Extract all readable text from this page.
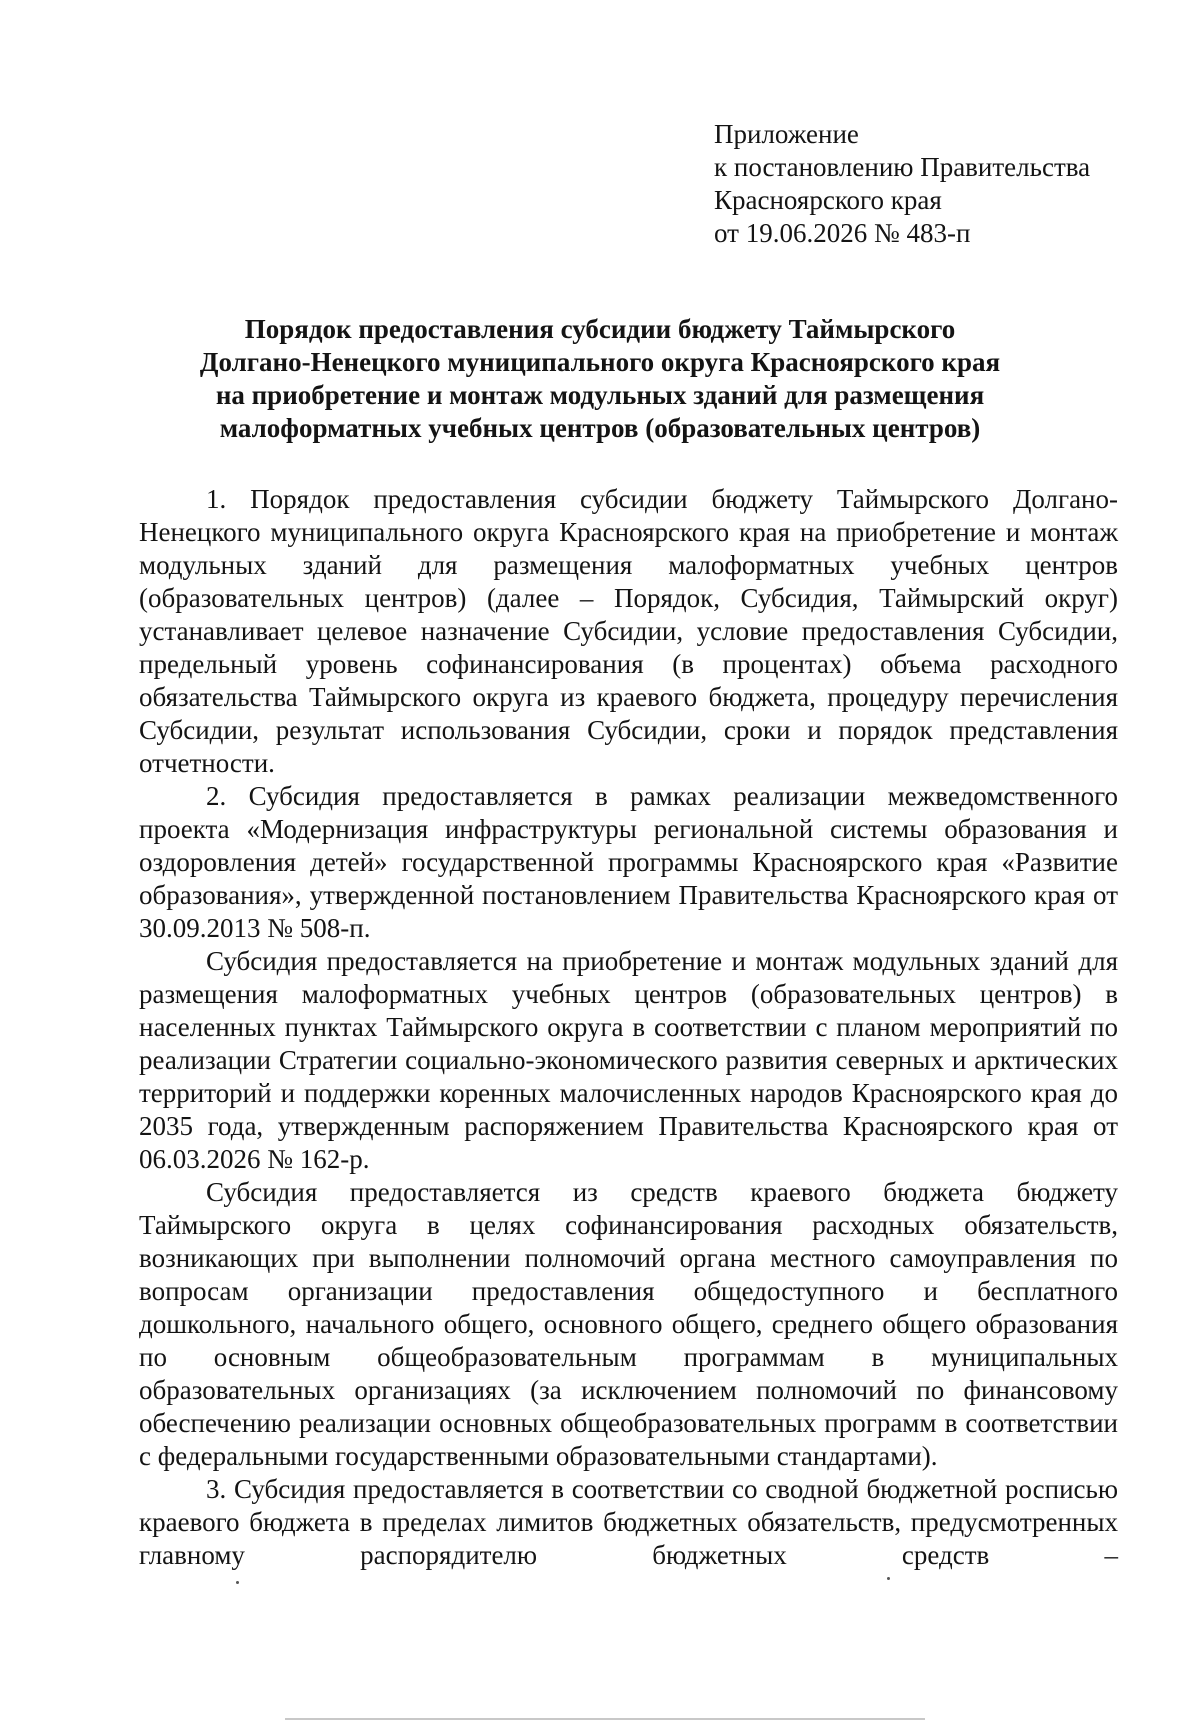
Приложение
к постановлению Правительства
Красноярского края
от 19.06.2026 № 483-п
Порядок предоставления субсидии бюджету Таймырского
Долгано-Ненецкого муниципального округа Красноярского края
на приобретение и монтаж модульных зданий для размещения
малоформатных учебных центров (образовательных центров)

1. Порядок предоставления субсидии бюджету Таймырского Долгано-Ненецкого муниципального округа Красноярского края на приобретение и монтаж модульных зданий для размещения малоформатных учебных центров (образовательных центров) (далее – Порядок, Субсидия, Таймырский округ) устанавливает целевое назначение Субсидии, условие предоставления Субсидии, предельный уровень софинансирования (в процентах) объема расходного обязательства Таймырского округа из краевого бюджета, процедуру перечисления Субсидии, результат использования Субсидии, сроки и порядок представления отчетности.

2. Субсидия предоставляется в рамках реализации межведомственного проекта «Модернизация инфраструктуры региональной системы образования и оздоровления детей» государственной программы Красноярского края «Развитие образования», утвержденной постановлением Правительства Красноярского края от 30.09.2013 № 508-п.

Субсидия предоставляется на приобретение и монтаж модульных зданий для размещения малоформатных учебных центров (образовательных центров) в населенных пунктах Таймырского округа в соответствии с планом мероприятий по реализации Стратегии социально-экономического развития северных и арктических территорий и поддержки коренных малочисленных народов Красноярского края до 2035 года, утвержденным распоряжением Правительства Красноярского края от 06.03.2026 № 162-р.

Субсидия предоставляется из средств краевого бюджета бюджету Таймырского округа в целях софинансирования расходных обязательств, возникающих при выполнении полномочий органа местного самоуправления по вопросам организации предоставления общедоступного и бесплатного дошкольного, начального общего, основного общего, среднего общего образования по основным общеобразовательным программам в муниципальных образовательных организациях (за исключением полномочий по финансовому обеспечению реализации основных общеобразовательных программ в соответствии с федеральными государственными образовательными стандартами).

3. Субсидия предоставляется в соответствии со сводной бюджетной росписью краевого бюджета в пределах лимитов бюджетных обязательств, предусмотренных главному распорядителю бюджетных средств –
